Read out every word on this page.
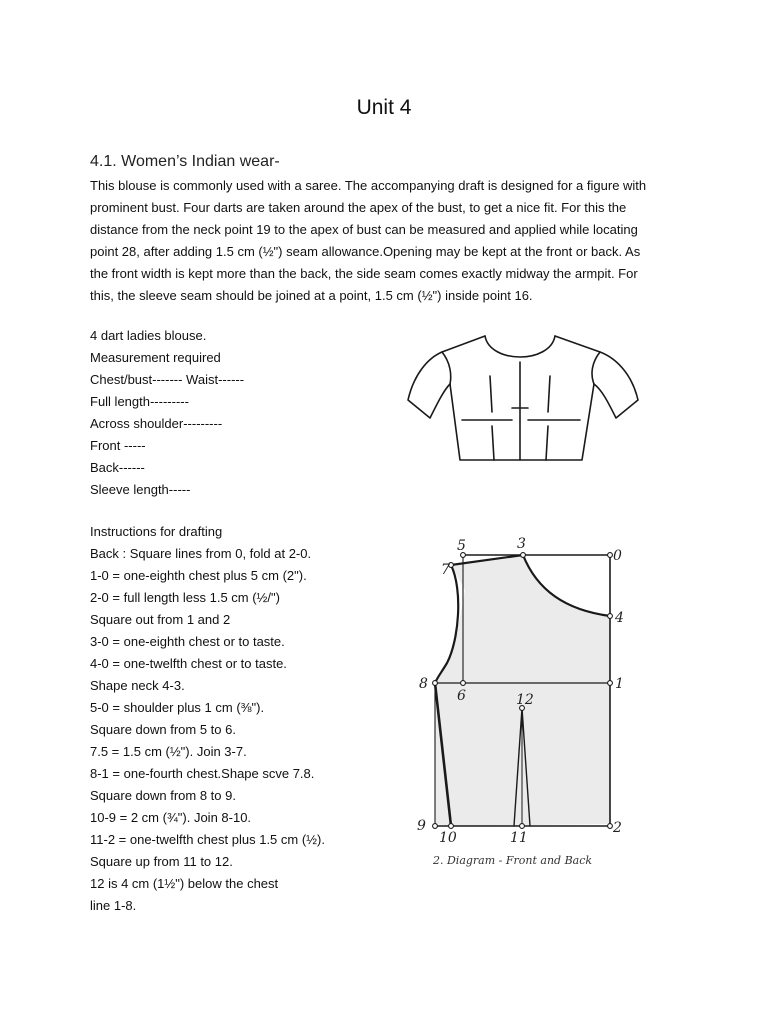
Unit 4
4.1. Women’s Indian wear-
This blouse is commonly used with a saree. The accompanying draft is designed for a figure with
prominent bust. Four darts are taken around the apex of the bust, to get a nice fit. For this the
distance from the neck point 19 to the apex of bust can be measured and applied while locating
point 28, after adding 1.5 cm (½") seam allowance.Opening may be kept at the front or back. As
the front width is kept more than the back, the side seam comes exactly midway the armpit. For
this, the sleeve seam should be joined at a point, 1.5 cm (½") inside point 16.
4 dart ladies blouse.
Measurement required
Chest/bust------- Waist------
Full length---------
Across shoulder---------
Front -----
Back------
Sleeve length-----
Instructions for drafting
Back : Square lines from 0, fold at 2-0.
1-0 = one-eighth chest plus 5 cm (2").
2-0 = full length less 1.5 cm (½/")
Square out from 1 and 2
3-0 = one-eighth chest or to taste.
4-0 = one-twelfth chest or to taste.
Shape neck 4-3.
5-0 = shoulder plus 1 cm (⅜").
Square down from 5 to 6.
7.5 = 1.5 cm (½"). Join 3-7.
8-1 = one-fourth chest.Shape scve 7.8.
Square down from 8 to 9.
10-9 = 2 cm (¾"). Join 8-10.
11-2 = one-twelfth chest plus 1.5 cm (½).
Square up from 11 to 12.
12 is 4 cm (1½") below the chest
line 1-8.
0
1
2
3
4
5
6
7
8
9
10	11
12
2. Diagram - Front and Back
